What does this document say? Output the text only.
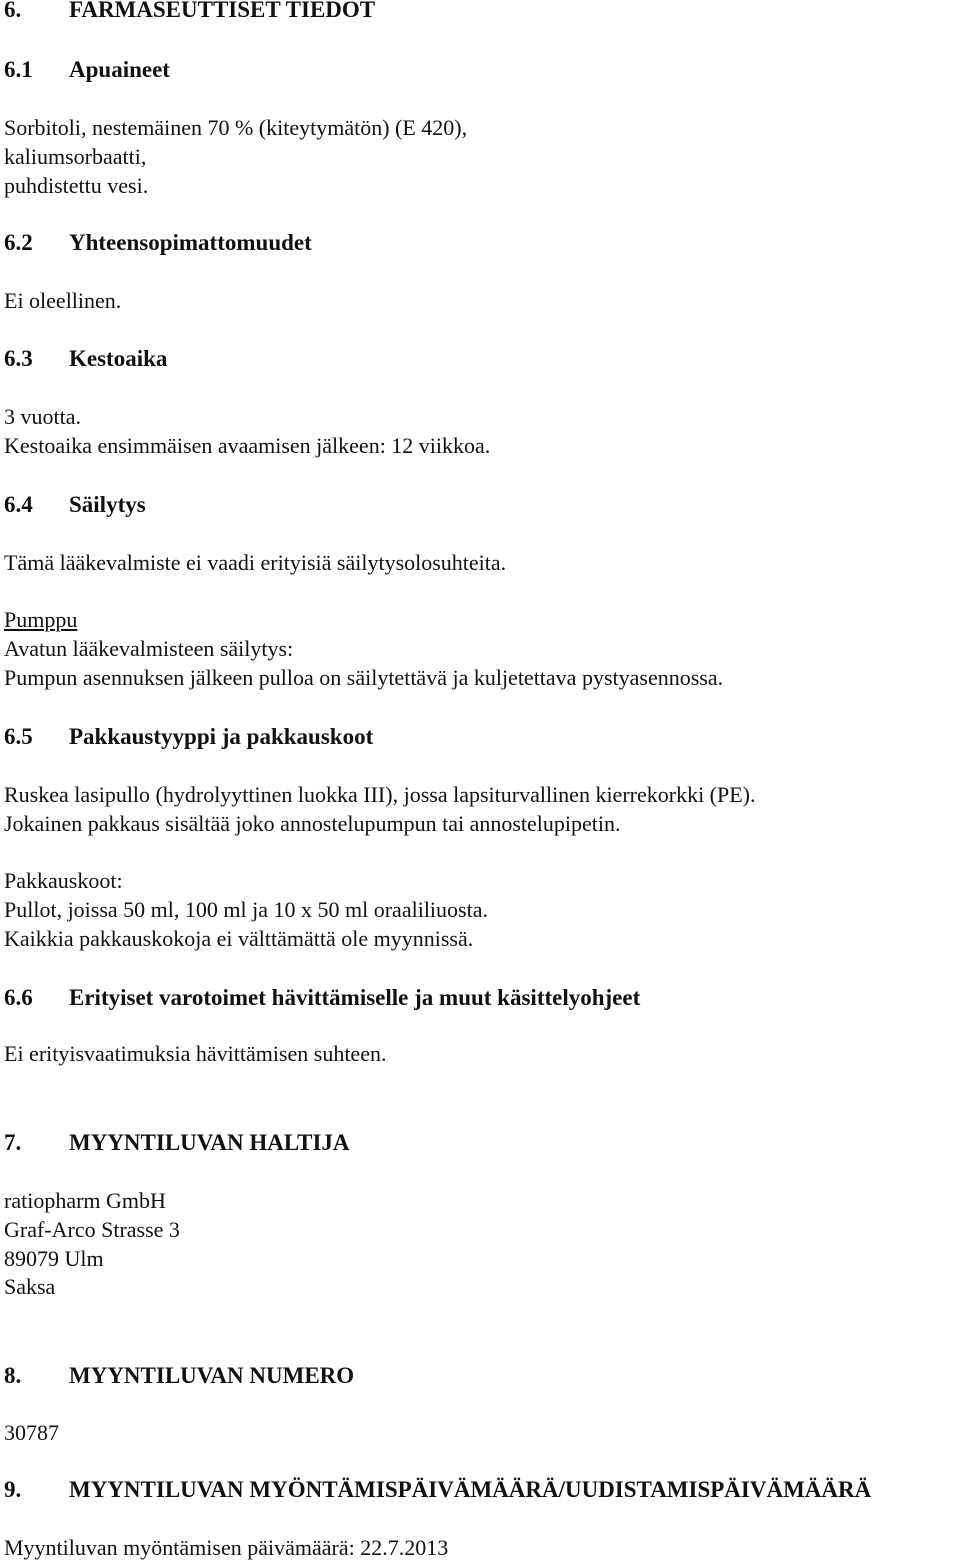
6. FARMASEUTTISET TIEDOT
6.1 Apuaineet
Sorbitoli, nestemäinen 70 % (kiteytymätön) (E 420),
kaliumsorbaatti,
puhdistettu vesi.
6.2 Yhteensopimattomuudet
Ei oleellinen.
6.3 Kestoaika
3 vuotta.
Kestoaika ensimmäisen avaamisen jälkeen: 12 viikkoa.
6.4 Säilytys
Tämä lääkevalmiste ei vaadi erityisiä säilytysolosuhteita.
Pumppu
Avatun lääkevalmisteen säilytys:
Pumpun asennuksen jälkeen pulloa on säilytettävä ja kuljetettava pystyasennossa.
6.5 Pakkaustyyppi ja pakkauskoot
Ruskea lasipullo (hydrolyyttinen luokka III), jossa lapsiturvallinen kierrekorkki (PE).
Jokainen pakkaus sisältää joko annostelupumpun tai annostelupipetin.
Pakkauskoot:
Pullot, joissa 50 ml, 100 ml ja 10 x 50 ml oraaliliuosta.
Kaikkia pakkauskokoja ei välttämättä ole myynnissä.
6.6 Erityiset varotoimet hävittämiselle ja muut käsittelyohjeet
Ei erityisvaatimuksia hävittämisen suhteen.
7. MYYNTILUVAN HALTIJA
ratiopharm GmbH
Graf-Arco Strasse 3
89079 Ulm
Saksa
8. MYYNTILUVAN NUMERO
30787
9. MYYNTILUVAN MYÖNTÄMISPÄIVÄMÄÄRÄ/UUDISTAMISPÄIVÄMÄÄRÄ
Myyntiluvan myöntämisen päivämäärä: 22.7.2013
